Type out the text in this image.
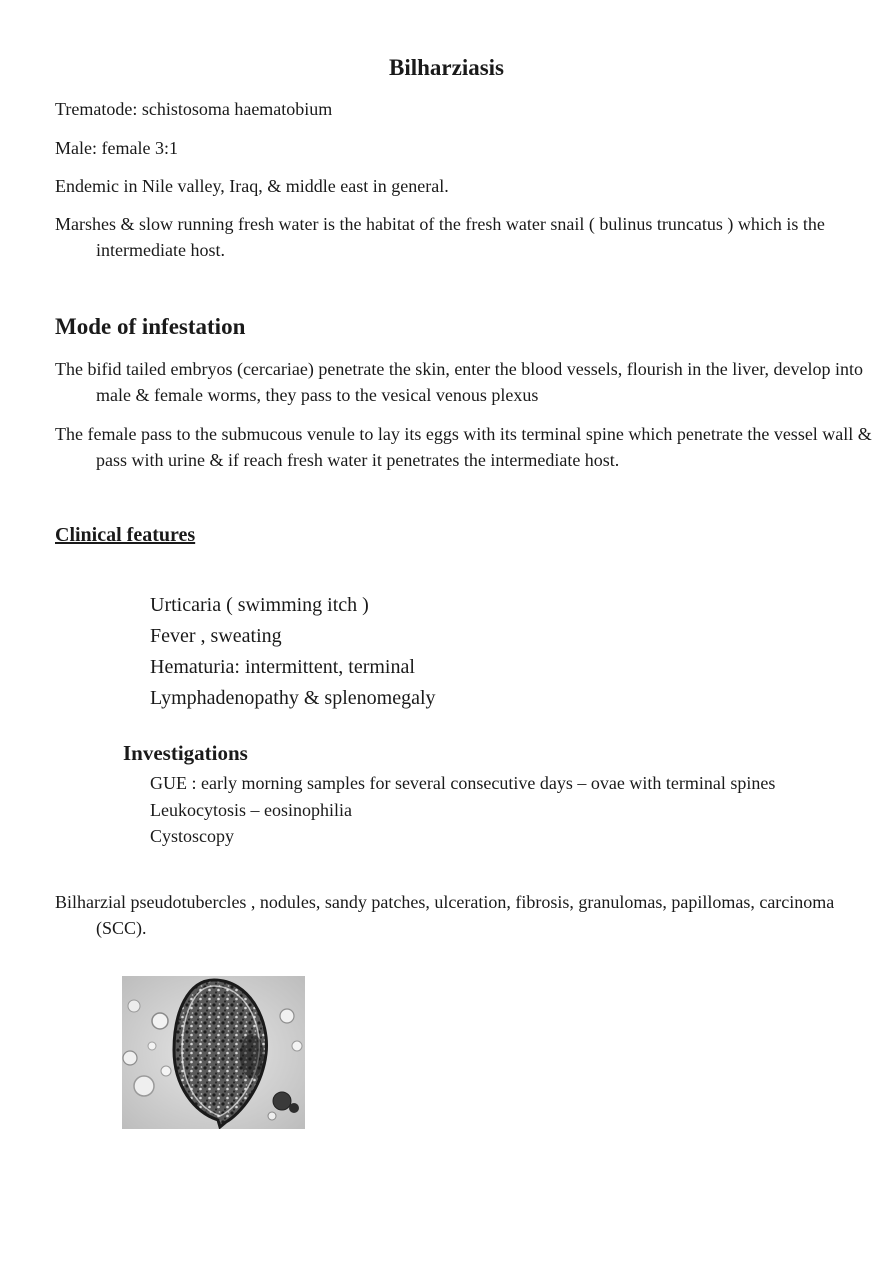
Bilharziasis
Trematode: schistosoma haematobium
Male: female 3:1
Endemic in Nile valley, Iraq, & middle east in general.
Marshes & slow running fresh water is the habitat of the fresh water snail ( bulinus truncatus ) which is the intermediate host.
Mode of infestation
The bifid tailed embryos (cercariae) penetrate the skin, enter the blood vessels, flourish in the liver, develop into male & female worms, they pass to the vesical venous plexus
The female pass to the submucous venule to lay its eggs with its terminal spine which penetrate the vessel wall & pass with urine & if reach fresh water it penetrates the intermediate host.
Clinical features
Urticaria ( swimming itch )
Fever , sweating
Hematuria: intermittent, terminal
Lymphadenopathy & splenomegaly
Investigations
GUE : early morning samples for several consecutive days – ovae with terminal spines
Leukocytosis – eosinophilia
Cystoscopy
Bilharzial pseudotubercles , nodules, sandy patches, ulceration, fibrosis, granulomas, papillomas, carcinoma (SCC).
